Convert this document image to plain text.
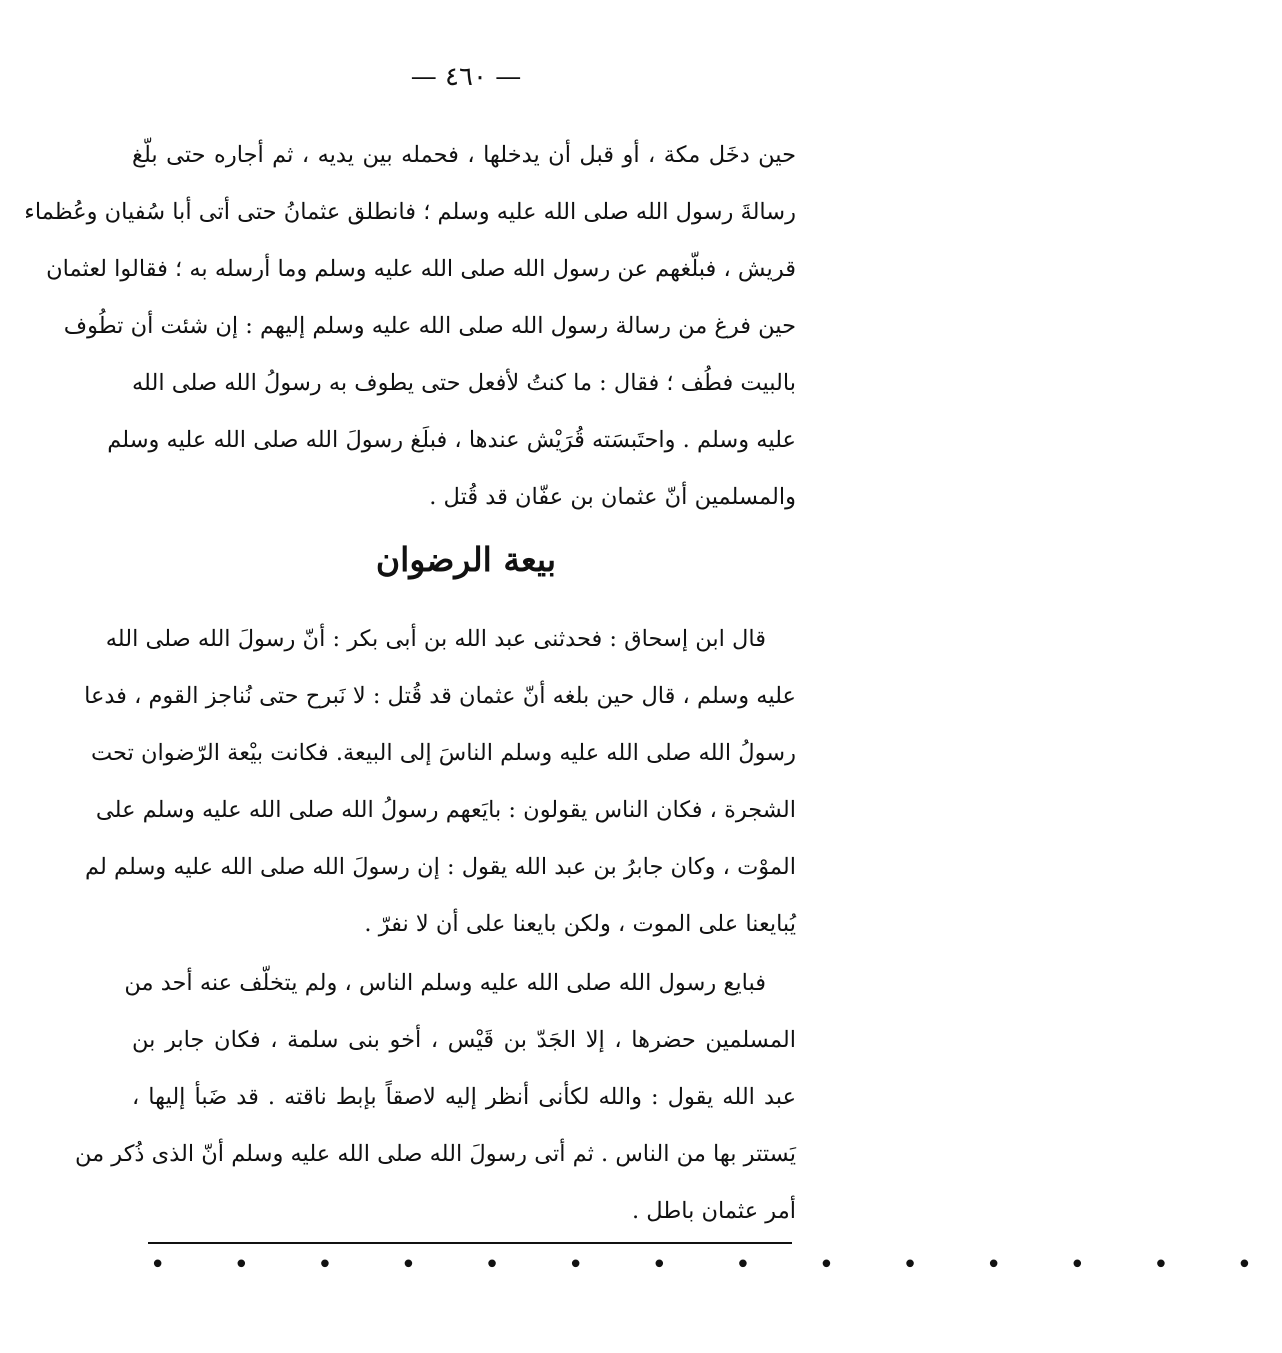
— ٤٦٠ —
حين دخَل مكة ، أو قبل أن يدخلها ، فحمله بين يديه ، ثم أجاره حتى بلّغ
رسالةَ رسول الله صلى الله عليه وسلم ؛ فانطلق عثمانُ حتى أتى أبا سُفيان وعُظماء
قريش ، فبلّغهم عن رسول الله صلى الله عليه وسلم وما أرسله به ؛ فقالوا لعثمان
حين فرغ من رسالة رسول الله صلى الله عليه وسلم إليهم : إن شئت أن تطُوف
بالبيت فطُف ؛ فقال : ما كنتُ لأفعل حتى يطوف به رسولُ الله صلى الله
عليه وسلم . واحتَبسَته قُرَيْش عندها ، فبلَغ رسولَ الله صلى الله عليه وسلم
والمسلمين أنّ عثمان بن عفّان قد قُتل .
بيعة الرضوان
قال ابن إسحاق : فحدثنى عبد الله بن أبى بكر : أنّ رسولَ الله صلى الله
عليه وسلم ، قال حين بلغه أنّ عثمان قد قُتل : لا نَبرح حتى نُناجز القوم ، فدعا
رسولُ الله صلى الله عليه وسلم الناسَ إلى البيعة. فكانت بيْعة الرّضوان تحت
الشجرة ، فكان الناس يقولون : بايَعهم رسولُ الله صلى الله عليه وسلم على
الموْت ، وكان جابرُ بن عبد الله يقول : إن رسولَ الله صلى الله عليه وسلم لم
يُبايعنا على الموت ، ولكن بايعنا على أن لا نفرّ .
فبايع رسول الله صلى الله عليه وسلم الناس ، ولم يتخلّف عنه أحد من
المسلمين حضرها ، إلا الجَدّ بن قَيْس ، أخو بنى سلمة ، فكان جابر بن
عبد الله يقول : والله لكأنى أنظر إليه لاصقاً بإبط ناقته . قد ضَبأ إليها ،
يَستتر بها من الناس . ثم أتى رسولَ الله صلى الله عليه وسلم أنّ الذى ذُكر من
أمر عثمان باطل .
• • • • • • • • • • • • • •
